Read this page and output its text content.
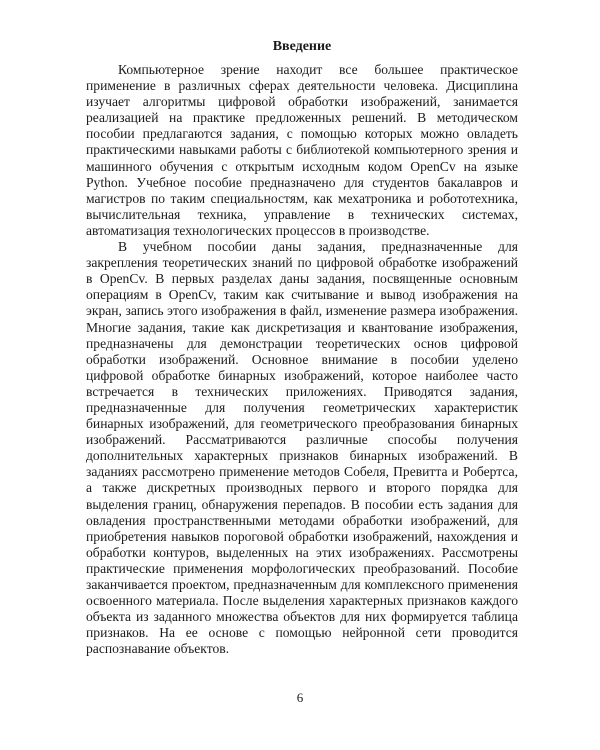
Введение

Компьютерное зрение находит все большее практическое применение в различных сферах деятельности человека. Дисциплина изучает алгоритмы цифровой обработки изображений, занимается реализацией на практике предложенных решений. В методическом пособии предлагаются задания, с помощью которых можно овладеть практическими навыками работы с библиотекой компьютерного зрения и машинного обучения с открытым исходным кодом OpenCv на языке Python. Учебное пособие предназначено для студентов бакалавров и магистров по таким специальностям, как мехатроника и робототехника, вычислительная техника, управление в технических системах, автоматизация технологических процессов в производстве.

В учебном пособии даны задания, предназначенные для закрепления теоретических знаний по цифровой обработке изображений в OpenCv. В первых разделах даны задания, посвященные основным операциям в OpenCv, таким как считывание и вывод изображения на экран, запись этого изображения в файл, изменение размера изображения. Многие задания, такие как дискретизация и квантование изображения, предназначены для демонстрации теоретических основ цифровой обработки изображений. Основное внимание в пособии уделено цифровой обработке бинарных изображений, которое наиболее часто встречается в технических приложениях. Приводятся задания, предназначенные для получения геометрических характеристик бинарных изображений, для геометрического преобразования бинарных изображений. Рассматриваются различные способы получения дополнительных характерных признаков бинарных изображений. В заданиях рассмотрено применение методов Собеля, Превитта и Робертса, а также дискретных производных первого и второго порядка для выделения границ, обнаружения перепадов. В пособии есть задания для овладения пространственными методами обработки изображений, для приобретения навыков пороговой обработки изображений, нахождения и обработки контуров, выделенных на этих изображениях. Рассмотрены практические применения морфологических преобразований. Пособие заканчивается проектом, предназначенным для комплексного применения освоенного материала. После выделения характерных признаков каждого объекта из заданного множества объектов для них формируется таблица признаков. На ее основе с помощью нейронной сети проводится распознавание объектов.

6
